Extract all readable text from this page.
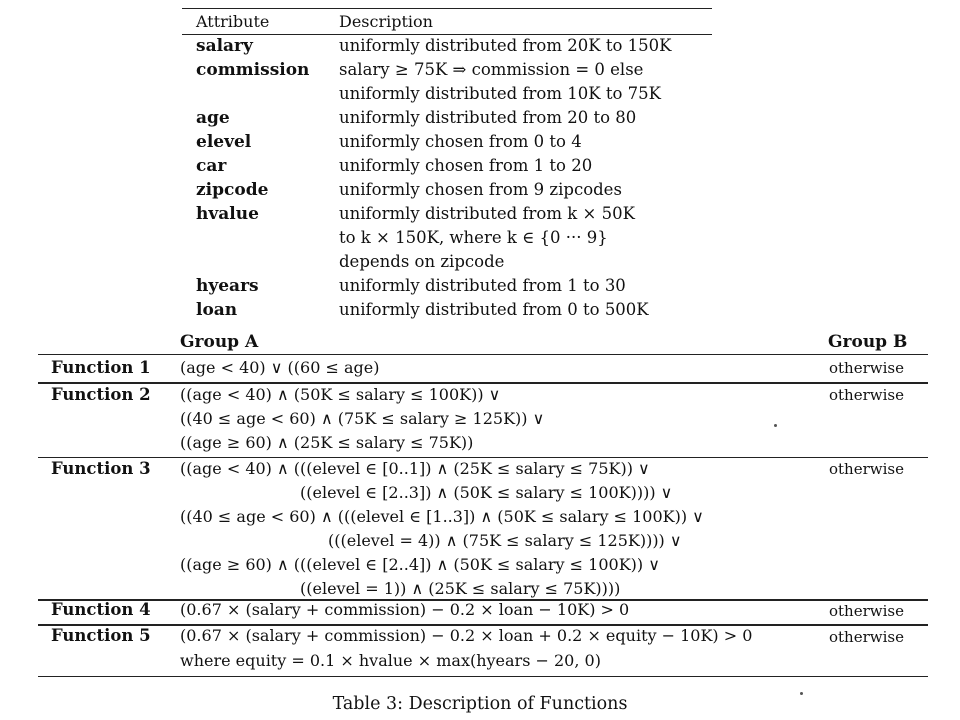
Attribute	Description
salary	uniformly distributed from 20K to 150K
commission salary ≥ 75K ⇒ commission = 0 else
uniformly distributed from 10K to 75K
age	uniformly distributed from 20 to 80
elevel	uniformly chosen from 0 to 4
car	uniformly chosen from 1 to 20
zipcode	uniformly chosen from 9 zipcodes
hvalue	uniformly distributed from k × 50K
to k × 150K, where k ∈ {0 ··· 9}
depends on zipcode
hyears	uniformly distributed from 1 to 30
loan	uniformly distributed from 0 to 500K
Group A	Group B
Function 1 (age < 40) ∨ ((60 ≤ age)	otherwise
Function 2 ((age < 40) ∧ (50K ≤ salary ≤ 100K)) ∨
((40 ≤ age < 60) ∧ (75K ≤ salary ≥ 125K)) ∨
((age ≥ 60) ∧ (25K ≤ salary ≤ 75K))
otherwise
Function 3 ((age < 40) ∧ (((elevel ∈ [0..1]) ∧ (25K ≤ salary ≤ 75K)) ∨
((elevel ∈ [2..3]) ∧ (50K ≤ salary ≤ 100K)))) ∨
((40 ≤ age < 60) ∧ (((elevel ∈ [1..3]) ∧ (50K ≤ salary ≤ 100K)) ∨
(((elevel = 4)) ∧ (75K ≤ salary ≤ 125K)))) ∨
((age ≥ 60) ∧ (((elevel ∈ [2..4]) ∧ (50K ≤ salary ≤ 100K)) ∨
((elevel = 1)) ∧ (25K ≤ salary ≤ 75K))))
otherwise
Function 4 (0.67 × (salary + commission) − 0.2 × loan − 10K) > 0	otherwise
Function 5 (0.67 × (salary + commission) − 0.2 × loan + 0.2 × equity − 10K) > 0
where equity = 0.1 × hvalue × max(hyears − 20, 0)
otherwise
Table 3: Description of Functions
